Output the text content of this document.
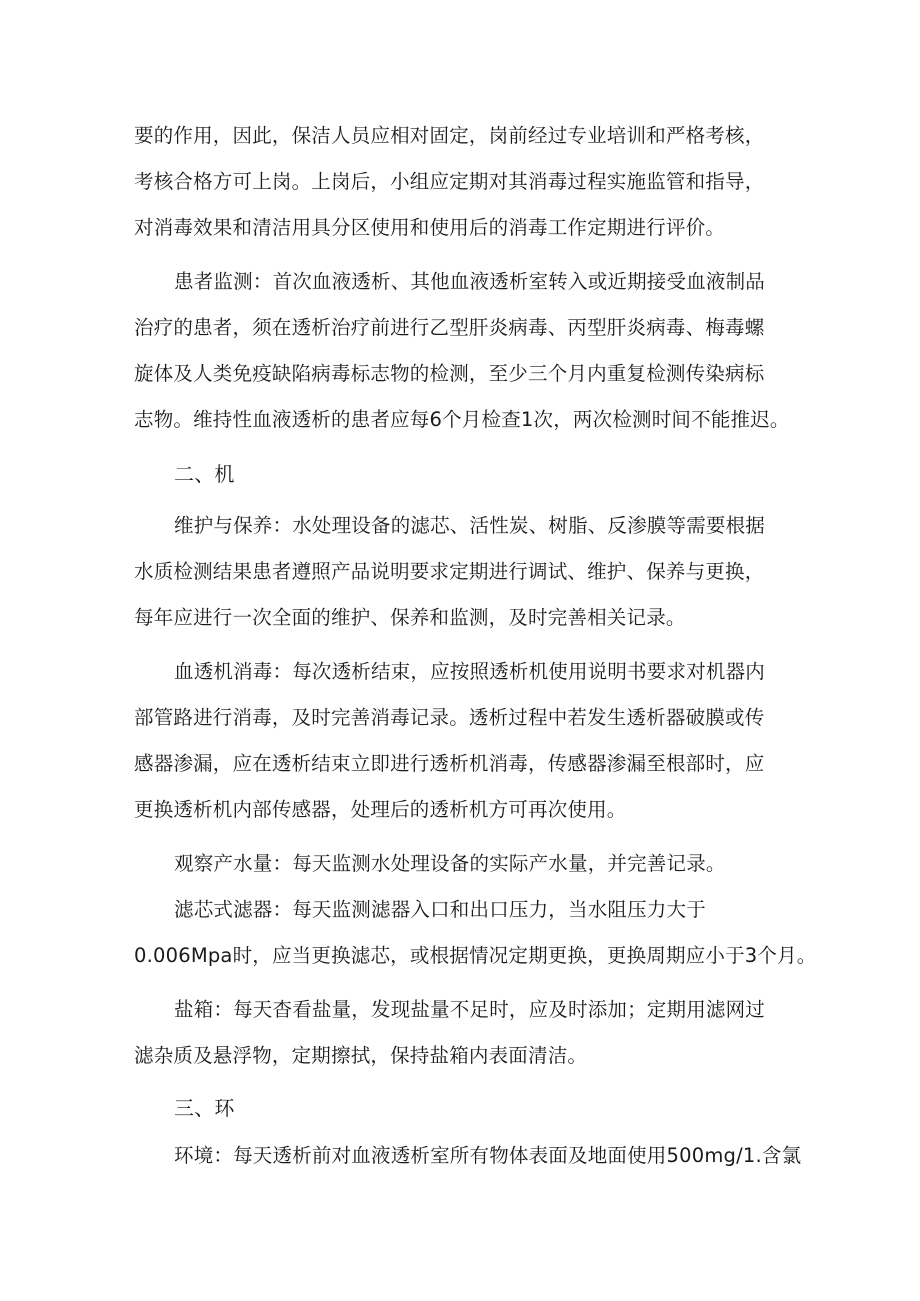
要的作用，因此，保洁人员应相对固定，岗前经过专业培训和严格考核，
考核合格方可上岗。上岗后，小组应定期对其消毒过程实施监管和指导，
对消毒效果和清洁用具分区使用和使用后的消毒工作定期进行评价。
患者监测：首次血液透析、其他血液透析室转入或近期接受血液制品
治疗的患者，须在透析治疗前进行乙型肝炎病毒、丙型肝炎病毒、梅毒螺
旋体及人类免疫缺陷病毒标志物的检测，至少三个月内重复检测传染病标
志物。维持性血液透析的患者应每6个月检查1次，两次检测时间不能推迟。
二、机
维护与保养：水处理设备的滤芯、活性炭、树脂、反渗膜等需要根据
水质检测结果患者遵照产品说明要求定期进行调试、维护、保养与更换，
每年应进行一次全面的维护、保养和监测，及时完善相关记录。
血透机消毒：每次透析结束，应按照透析机使用说明书要求对机器内
部管路进行消毒，及时完善消毒记录。透析过程中若发生透析器破膜或传
感器渗漏，应在透析结束立即进行透析机消毒，传感器渗漏至根部时，应
更换透析机内部传感器，处理后的透析机方可再次使用。
观察产水量：每天监测水处理设备的实际产水量，并完善记录。
滤芯式滤器：每天监测滤器入口和出口压力，当水阻压力大于
0.006Mpa时，应当更换滤芯，或根据情况定期更换，更换周期应小于3个月。
盐箱：每天杳看盐量，发现盐量不足时，应及时添加；定期用滤网过
滤杂质及悬浮物，定期擦拭，保持盐箱内表面清洁。
三、环
环境：每天透析前对血液透析室所有物体表面及地面使用500mg/1.含氯
